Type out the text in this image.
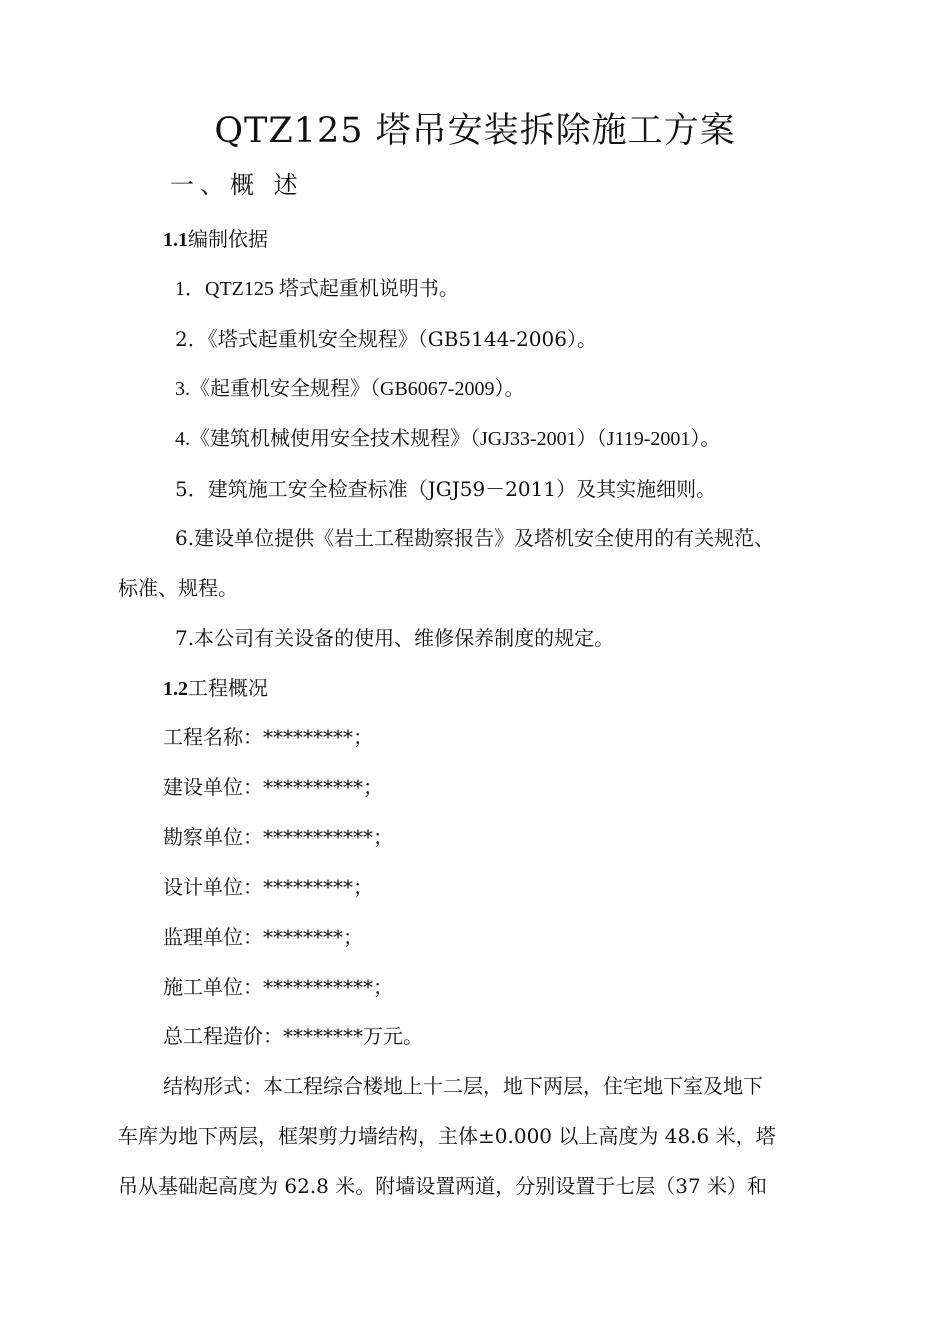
QTZ125 塔吊安装拆除施工方案
一、概 述
1.1编制依据
1．QTZ125 塔式起重机说明书。
2．《塔式起重机安全规程》（GB5144-2006）。
3.《起重机安全规程》（GB6067-2009）。
4.《建筑机械使用安全技术规程》（JGJ33-2001）（J119-2001）。
5．建筑施工安全检查标准（JGJ59－2011）及其实施细则。
6.建设单位提供《岩土工程勘察报告》及塔机安全使用的有关规范、
标准、规程。
7.本公司有关设备的使用、维修保养制度的规定。
1.2工程概况
工程名称：*********；
建设单位：**********；
勘察单位：***********；
设计单位：*********；
监理单位：********；
施工单位：***********；
总工程造价：********万元。
结构形式：本工程综合楼地上十二层，地下两层，住宅地下室及地下
车库为地下两层，框架剪力墙结构，主体±0.000 以上高度为 48.6 米，塔
吊从基础起高度为 62.8 米。附墙设置两道，分别设置于七层（37 米）和
